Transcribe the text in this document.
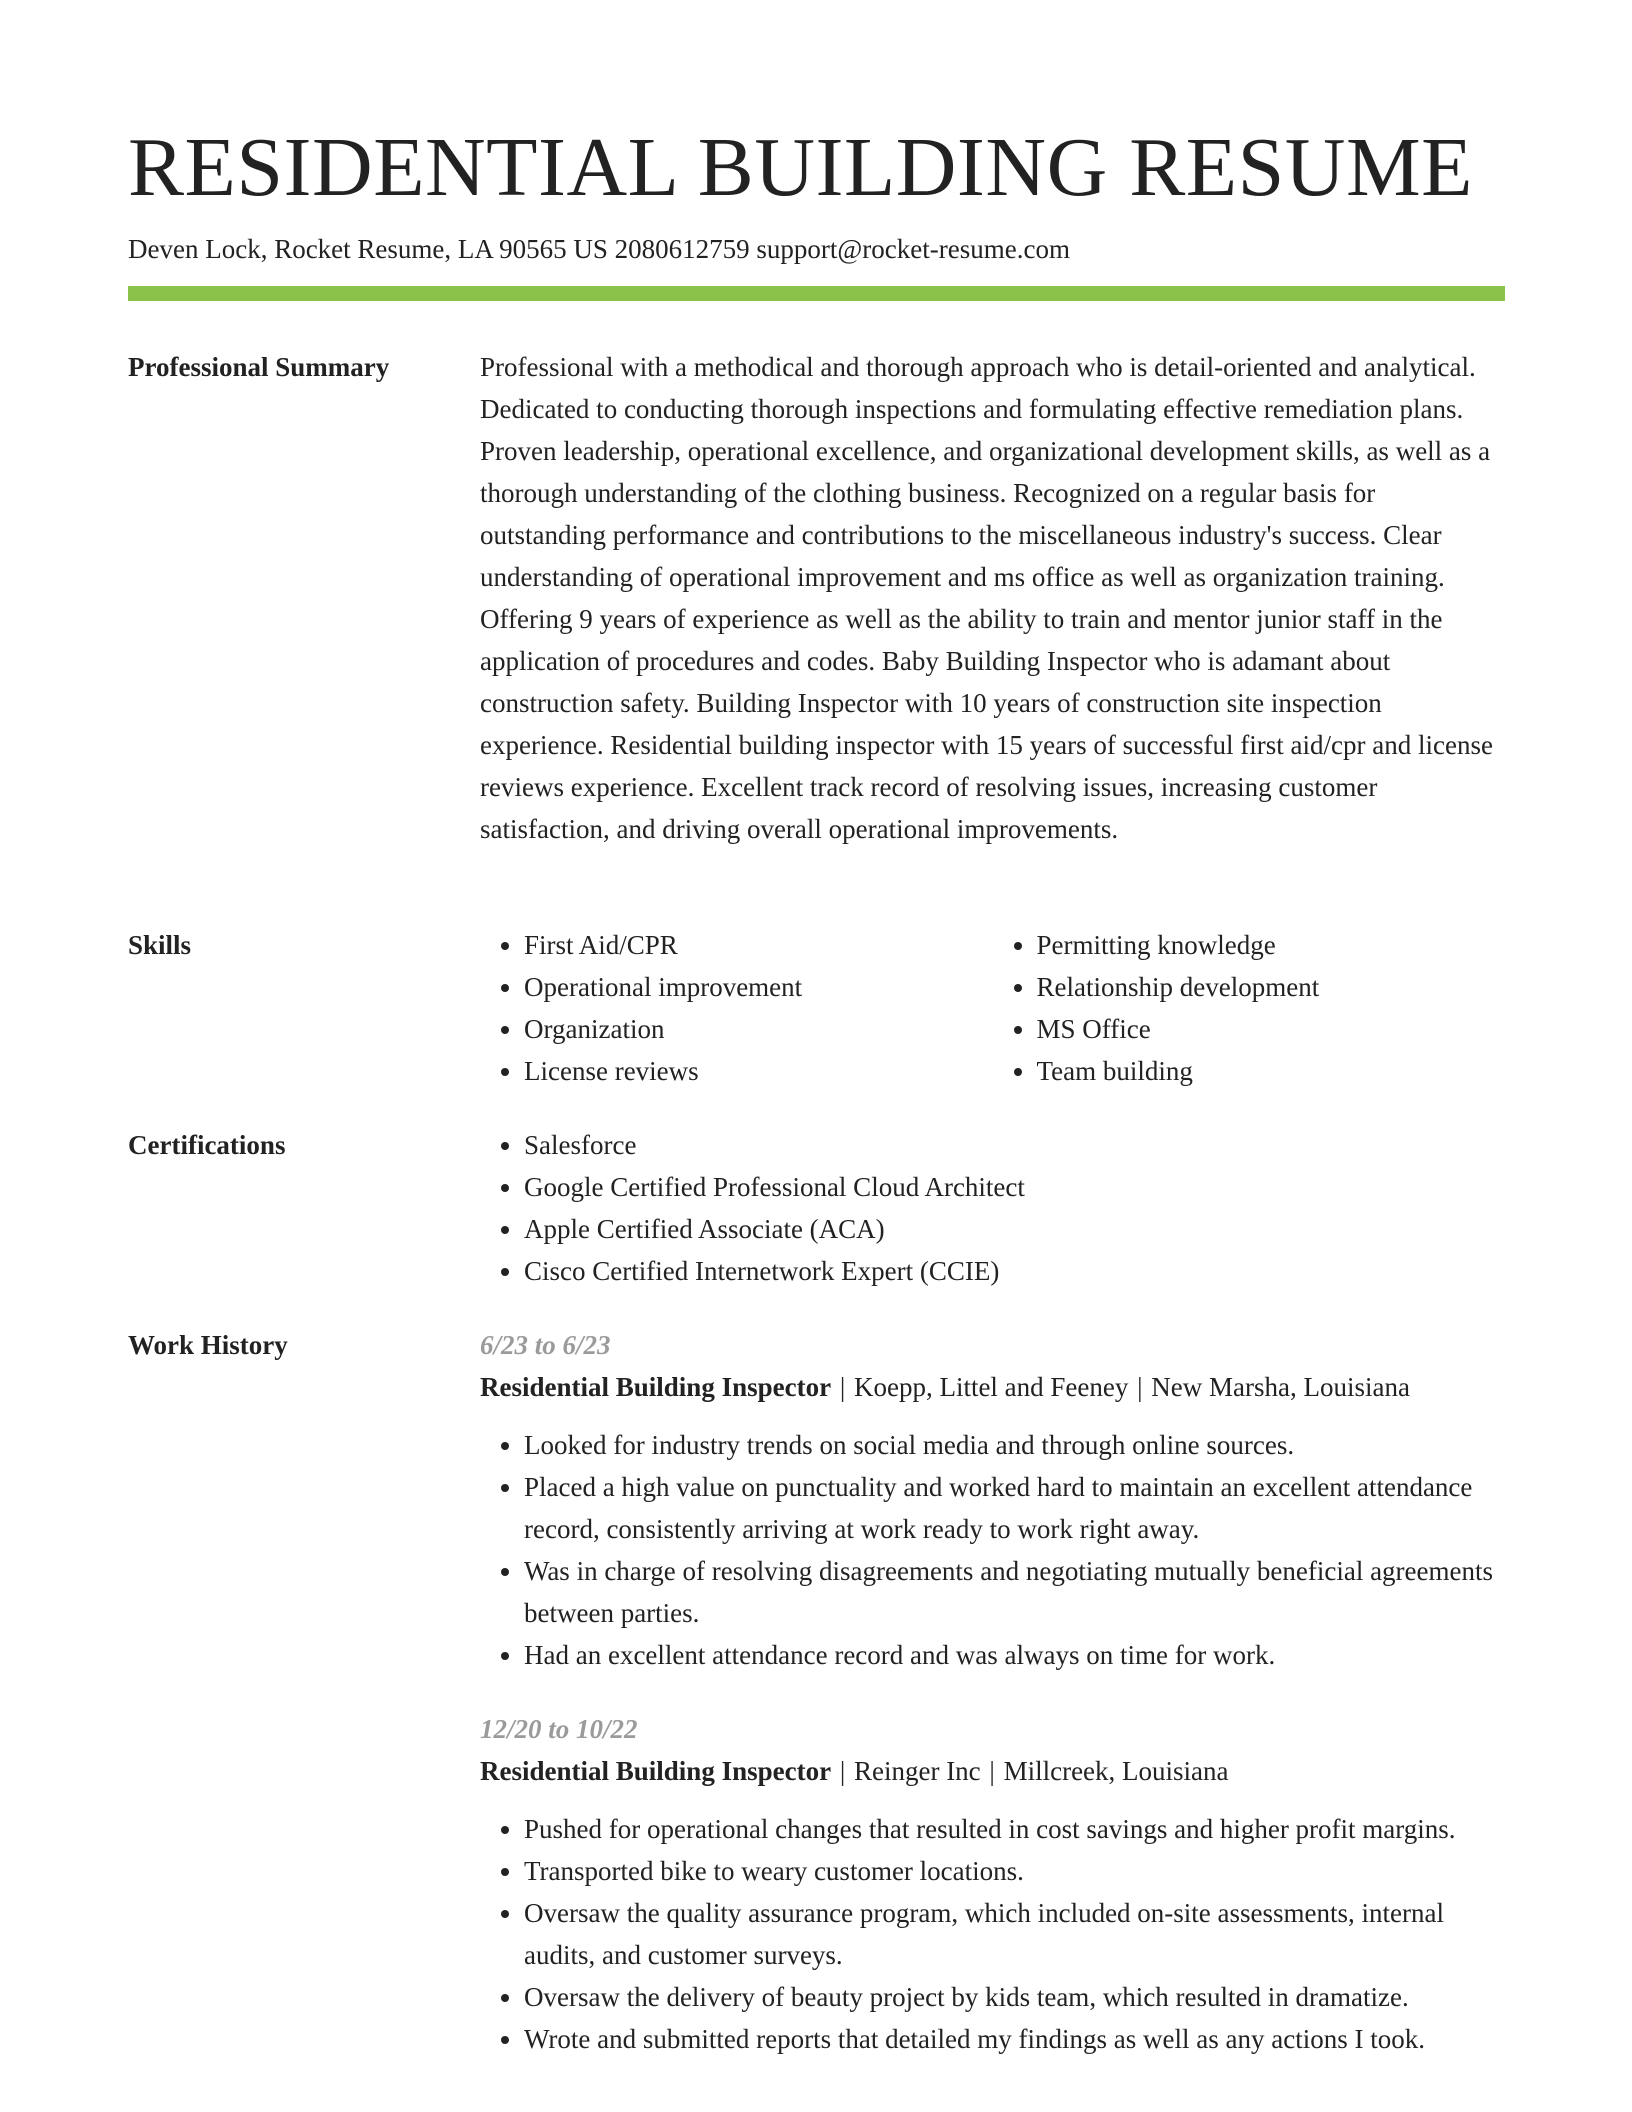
RESIDENTIAL BUILDING RESUME
Deven Lock, Rocket Resume, LA 90565 US 2080612759 support@rocket-resume.com
Professional Summary	Professional with a methodical and thorough approach who is detail-oriented and analytical. Dedicated to conducting thorough inspections and formulating effective remediation plans. Proven leadership, operational excellence, and organizational development skills, as well as a thorough understanding of the clothing business. Recognized on a regular basis for outstanding performance and contributions to the miscellaneous industry's success. Clear understanding of operational improvement and ms office as well as organization training. Offering 9 years of experience as well as the ability to train and mentor junior staff in the application of procedures and codes. Baby Building Inspector who is adamant about construction safety. Building Inspector with 10 years of construction site inspection experience. Residential building inspector with 15 years of successful first aid/cpr and license reviews experience. Excellent track record of resolving issues, increasing customer satisfaction, and driving overall operational improvements.

Skills	• First Aid/CPR
• Operational improvement
• Organization
• License reviews
• Permitting knowledge
• Relationship development
• MS Office
• Team building
Certifications	• Salesforce
• Google Certified Professional Cloud Architect
• Apple Certified Associate (ACA)
• Cisco Certified Internetwork Expert (CCIE)
Work History	6/23 to 6/23
Residential Building Inspector | Koepp, Littel and Feeney | New Marsha, Louisiana
• Looked for industry trends on social media and through online sources.
• Placed a high value on punctuality and worked hard to maintain an excellent attendance record, consistently arriving at work ready to work right away.
• Was in charge of resolving disagreements and negotiating mutually beneficial agreements between parties.
• Had an excellent attendance record and was always on time for work.
12/20 to 10/22
Residential Building Inspector | Reinger Inc | Millcreek, Louisiana
• Pushed for operational changes that resulted in cost savings and higher profit margins.
• Transported bike to weary customer locations.
• Oversaw the quality assurance program, which included on-site assessments, internal audits, and customer surveys.
• Oversaw the delivery of beauty project by kids team, which resulted in dramatize.
• Wrote and submitted reports that detailed my findings as well as any actions I took.
